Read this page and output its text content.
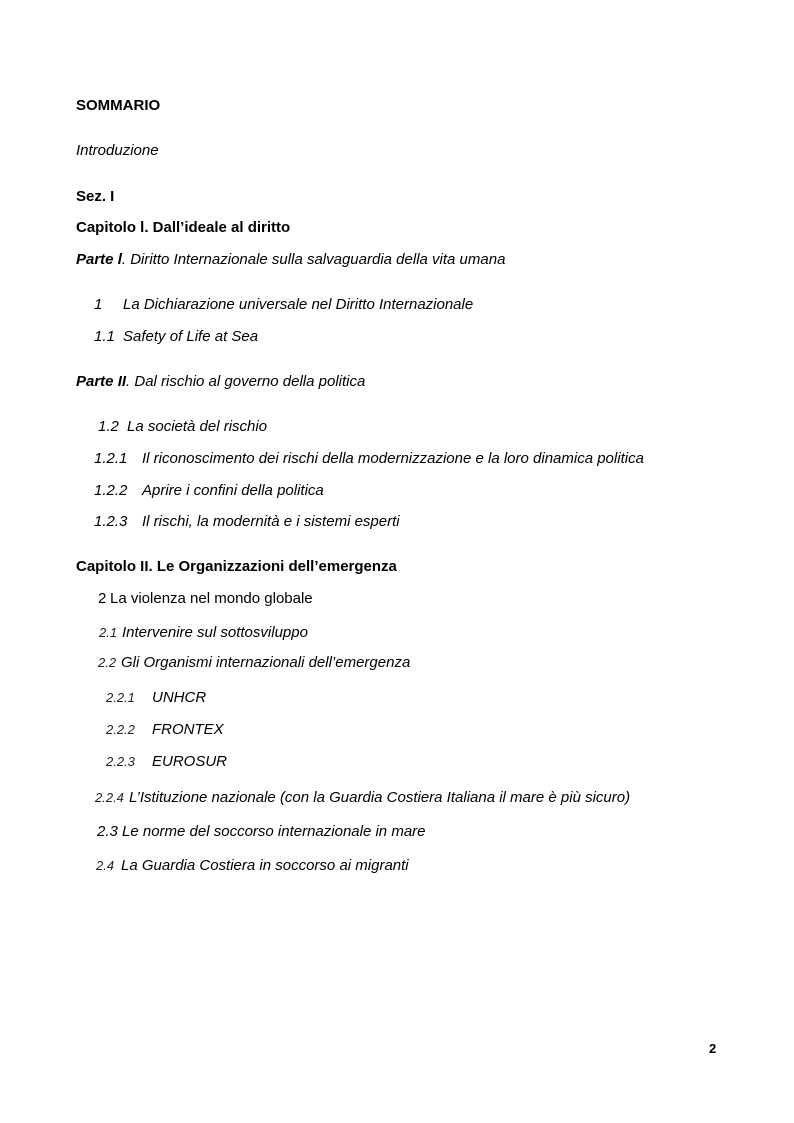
SOMMARIO
Introduzione
Sez. I
Capitolo l. Dall’ideale al diritto
Parte l. Diritto Internazionale sulla salvaguardia della vita umana
1 La Dichiarazione universale nel Diritto Internazionale
1.1 Safety of Life at Sea
Parte II. Dal rischio al governo della politica
1.2 La società del rischio
1.2.1 Il riconoscimento dei rischi della modernizzazione e la loro dinamica politica
1.2.2 Aprire i confini della politica
1.2.3 Il rischi, la modernità e i sistemi esperti
Capitolo II. Le Organizzazioni dell’emergenza
2 La violenza nel mondo globale
2.1 Intervenire sul sottosviluppo
2.2 Gli Organismi internazionali dell’emergenza
2.2.1 UNHCR
2.2.2 FRONTEX
2.2.3 EUROSUR
2.2.4 L’Istituzione nazionale (con la Guardia Costiera Italiana il mare è più sicuro)
2.3 Le norme del soccorso internazionale in mare
2.4 La Guardia Costiera in soccorso ai migranti
2
